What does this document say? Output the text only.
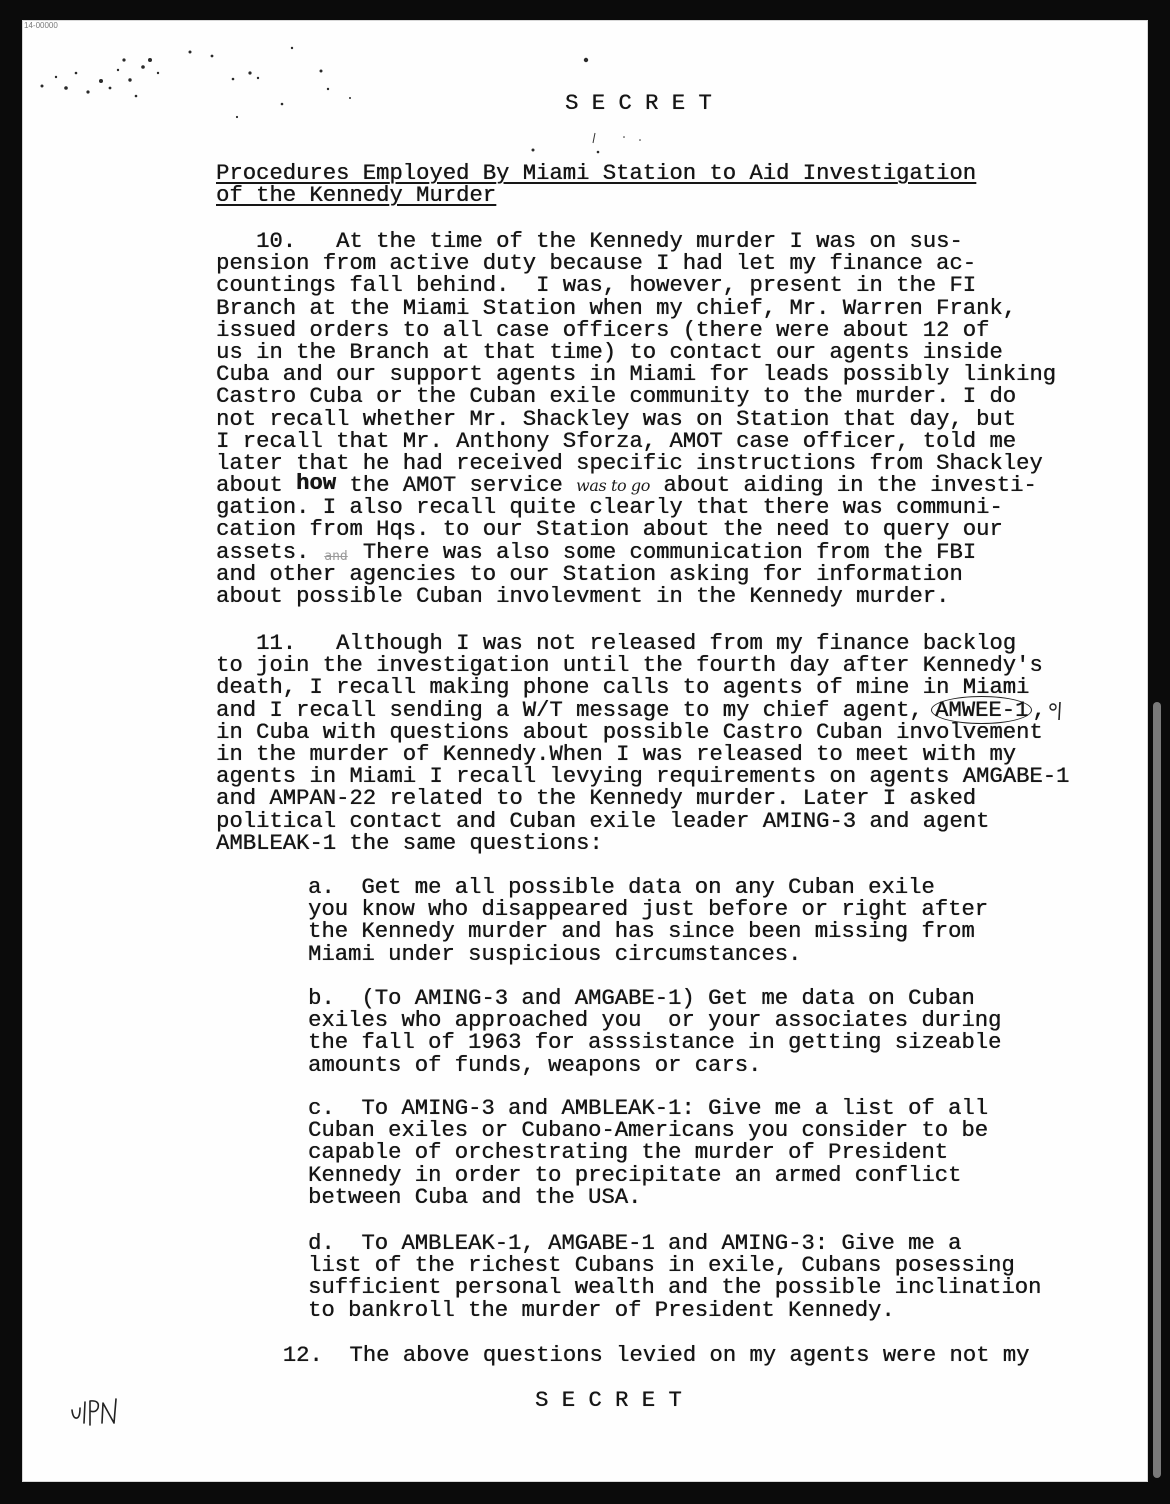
14-00000
S E C R E T
Procedures Employed By Miami Station to Aid Investigation
of the Kennedy Murder
10. At the time of the Kennedy murder I was on sus-
pension from active duty because I had let my finance ac-
countings fall behind.  I was, however, present in the FI
Branch at the Miami Station when my chief, Mr. Warren Frank,
issued orders to all case officers (there were about 12 of
us in the Branch at that time) to contact our agents inside
Cuba and our support agents in Miami for leads possibly linking
Castro Cuba or the Cuban exile community to the murder. I do
not recall whether Mr. Shackley was on Station that day, but
I recall that Mr. Anthony Sforza, AMOT case officer, told me
later that he had received specific instructions from Shackley
about how the AMOT service was to go about aiding in the investi-
gation. I also recall quite clearly that there was communi-
cation from Hqs. to our Station about the need to query our
assets. and There was also some communication from the FBI
and other agencies to our Station asking for information
about possible Cuban involevment in the Kennedy murder.
11. Although I was not released from my finance backlog
to join the investigation until the fourth day after Kennedy's
death, I recall making phone calls to agents of mine in Miami
and I recall sending a W/T message to my chief agent, AMWEE-1 ,
in Cuba with questions about possible Castro Cuban involvement
in the murder of Kennedy.When I was released to meet with my
agents in Miami I recall levying requirements on agents AMGABE-1
and AMPAN-22 related to the Kennedy murder. Later I asked
political contact and Cuban exile leader AMING-3 and agent
AMBLEAK-1 the same questions:
a. Get me all possible data on any Cuban exile
you know who disappeared just before or right after
the Kennedy murder and has since been missing from
Miami under suspicious circumstances.
b. (To AMING-3 and AMGABE-1) Get me data on Cuban
exiles who approached you  or your associates during
the fall of 1963 for asssistance in getting sizeable
amounts of funds, weapons or cars.
c. To AMING-3 and AMBLEAK-1: Give me a list of all
Cuban exiles or Cubano-Americans you consider to be
capable of orchestrating the murder of President
Kennedy in order to precipitate an armed conflict
between Cuba and the USA.
d. To AMBLEAK-1, AMGABE-1 and AMING-3: Give me a
list of the richest Cubans in exile, Cubans posessing
sufficient personal wealth and the possible inclination
to bankroll the murder of President Kennedy.
12. The above questions levied on my agents were not my
S E C R E T
